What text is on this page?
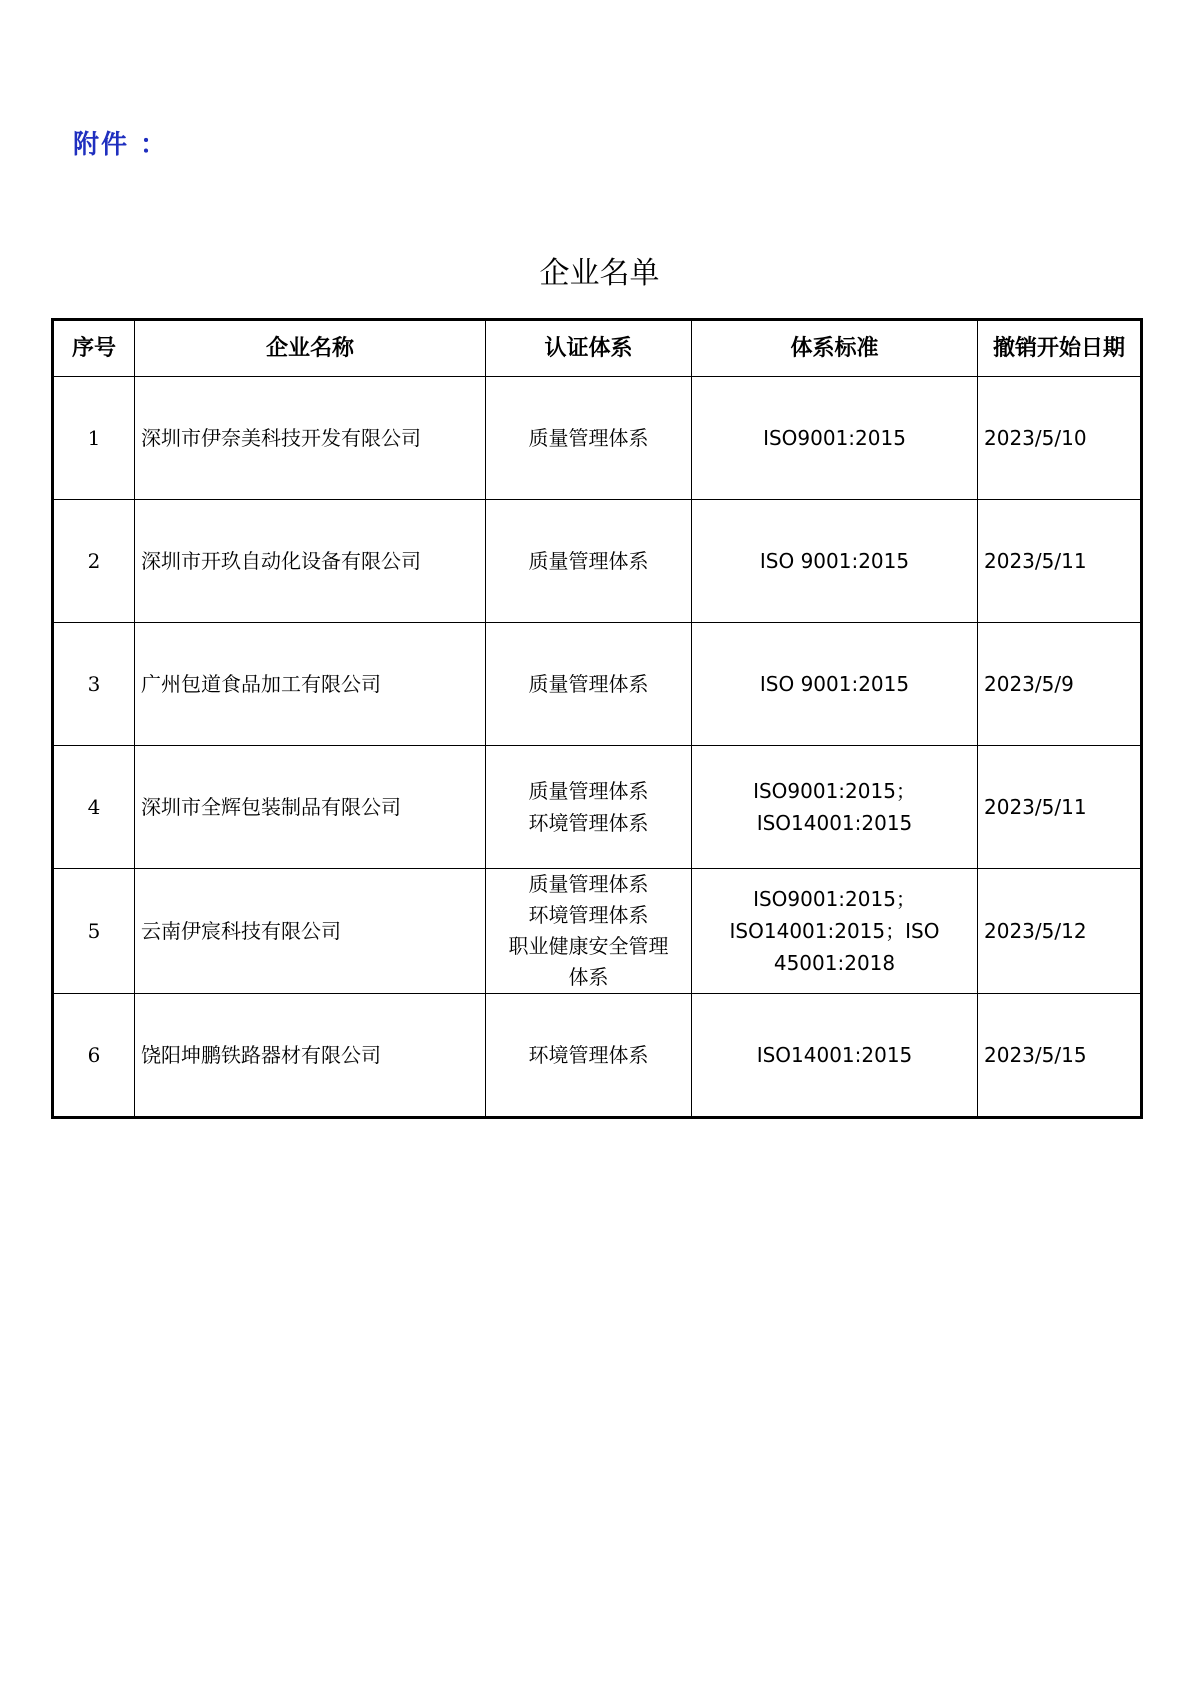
附件 ：
企业名单
序号	企业名称	认证体系	体系标准	撤销开始日期
1	深圳市伊奈美科技开发有限公司	质量管理体系	ISO9001:2015	2023/5/10
2	深圳市开玖自动化设备有限公司	质量管理体系	ISO 9001:2015	2023/5/11
3	广州包道食品加工有限公司	质量管理体系	ISO 9001:2015	2023/5/9
4	深圳市全辉包装制品有限公司	质量管理体系
环境管理体系	ISO9001:2015；
ISO14001:2015	2023/5/11
5	云南伊宸科技有限公司	质量管理体系
环境管理体系
职业健康安全管理
体系	ISO9001:2015；
ISO14001:2015；ISO
45001:2018	2023/5/12
6	饶阳坤鹏铁路器材有限公司	环境管理体系	ISO14001:2015	2023/5/15
